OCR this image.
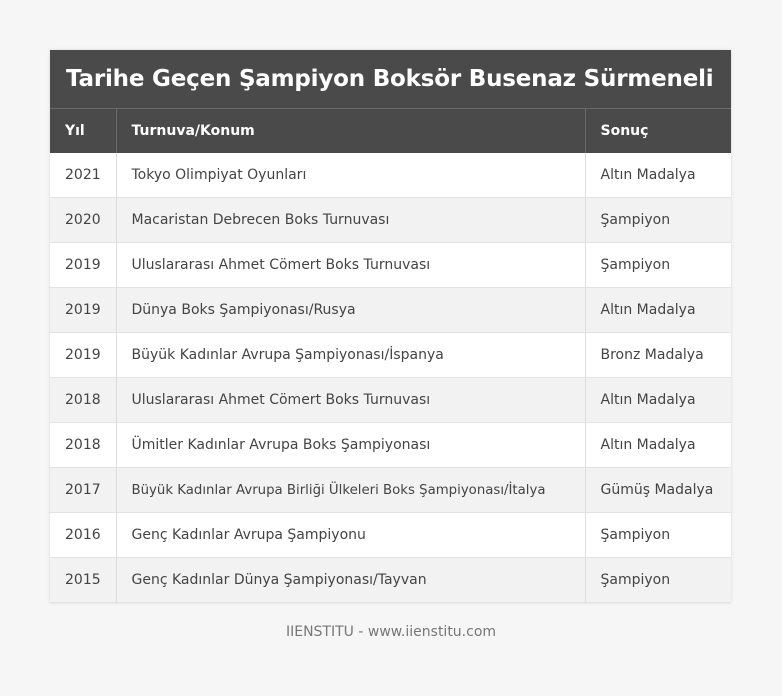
Tarihe Geçen Şampiyon Boksör Busenaz Sürmeneli
Yıl	Turnuva/Konum	Sonuç
2021	Tokyo Olimpiyat Oyunları	Altın Madalya
2020	Macaristan Debrecen Boks Turnuvası	Şampiyon
2019	Uluslararası Ahmet Cömert Boks Turnuvası	Şampiyon
2019	Dünya Boks Şampiyonası/Rusya	Altın Madalya
2019	Büyük Kadınlar Avrupa Şampiyonası/İspanya	Bronz Madalya
2018	Uluslararası Ahmet Cömert Boks Turnuvası	Altın Madalya
2018	Ümitler Kadınlar Avrupa Boks Şampiyonası	Altın Madalya
2017	Büyük Kadınlar Avrupa Birliği Ülkeleri Boks Şampiyonası/İtalya	Gümüş Madalya
2016	Genç Kadınlar Avrupa Şampiyonu	Şampiyon
2015	Genç Kadınlar Dünya Şampiyonası/Tayvan	Şampiyon
IIENSTITU - www.iienstitu.com
